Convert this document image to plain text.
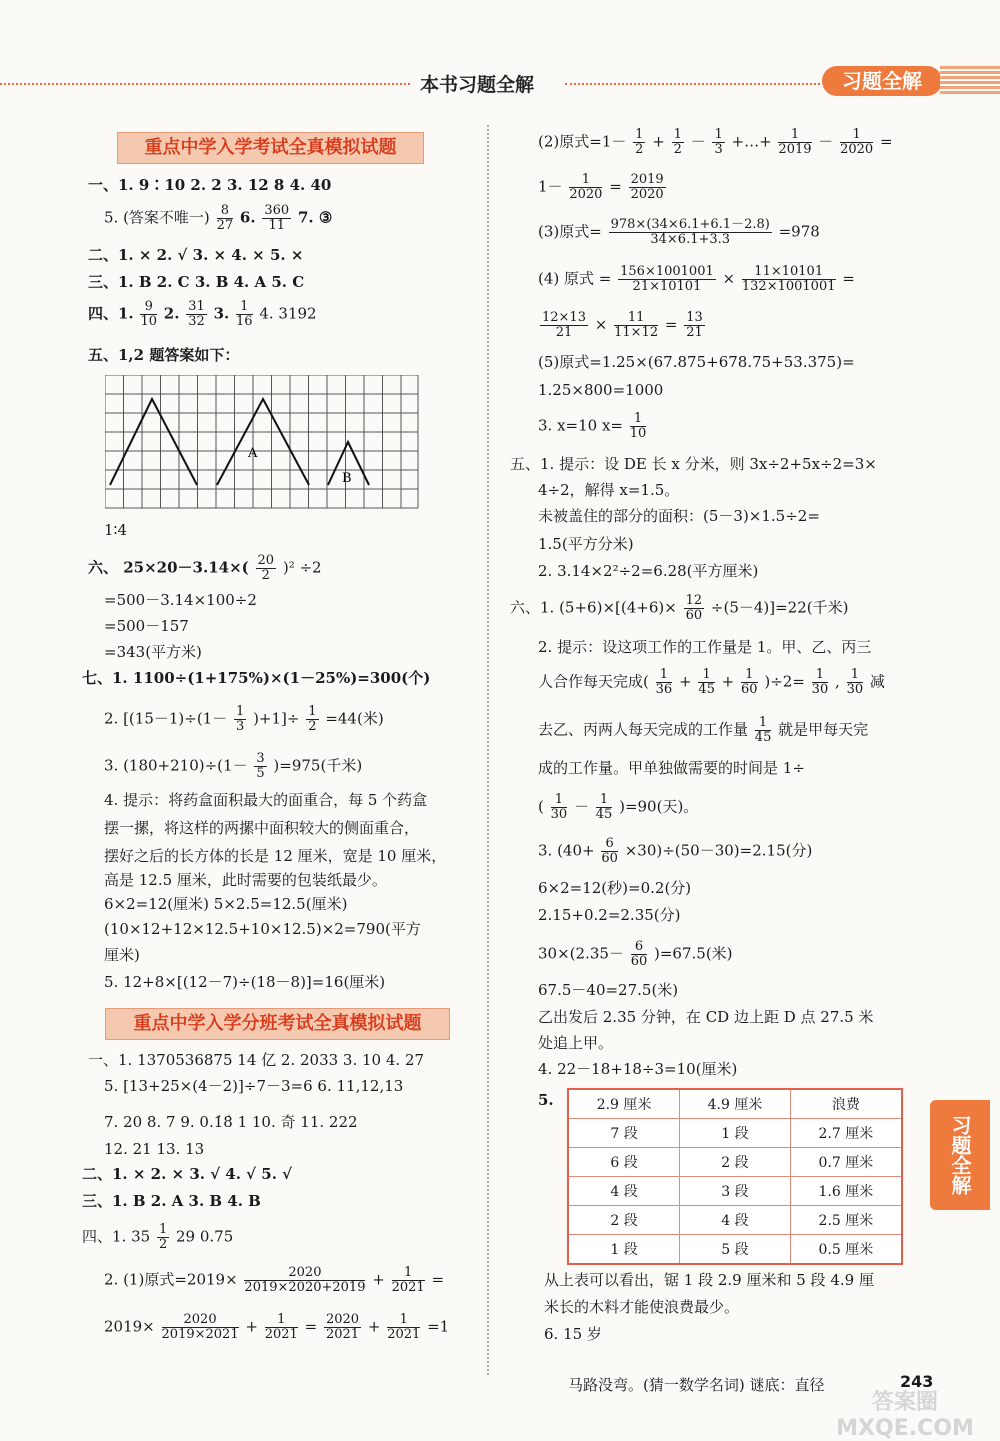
本书习题全解	习题全解
重点中学入学考试全真模拟试题
一、1. 9∶10 2. 2 3. 12 8 4. 40
5. (答案不唯一) $\frac{8}{27} 6$. $\frac{360}{11} 7$. ③
二、1. × 2. √ 3. × 4. × 5. ×
三、1. B 2. C 3. B 4. A 5. C
四、1. $\frac{9}{10} 2$. $\frac{31}{32} 3$. $\frac{1}{16} 4$. 3192
五、1,2 题答案如下：
A
B
1∶4
六、 $25\times 20-3.14\times( \frac{20}{2} )^2 \div 2$
=500－3.14×100÷2
=500－157
=343(平方米)
七、1. 1100÷(1+175%)×(1－25%)=300(个)
2. $[(15-1)\div(1- \frac{1}{3} )+1]\div \frac{1}{2} =44$(米)
3. $(180+210)\div(1- \frac{3}{5} )=975$(千米)
4. 提示：将药盒面积最大的面重合，每 5 个药盒
摆一摞，将这样的两摞中面积较大的侧面重合，
摆好之后的长方体的长是 12 厘米，宽是 10 厘米，
高是 12.5 厘米，此时需要的包装纸最少。
6×2=12(厘米) 5×2.5=12.5(厘米)
(10×12+12×12.5+10×12.5)×2=790(平方
厘米)
5. 12+8×[(12－7)÷(18－8)]=16(厘米)
重点中学入学分班考试全真模拟试题
一、1. 1370536875 14 亿 2. 2033 3. 10 4. 27
5. [13+25×(4－2)]÷7－3=6 6. 11,12,13
7. 20 8. 7 9. 0.1̇8̇ 1 10. 奇 11. 222
12. 21 13. 13
二、1. × 2. × 3. √ 4. √ 5. √
三、1. B 2. A 3. B 4. B
四、1. $35 \frac{1}{2} 29$ 0.75
2. (1)原式$=2019\times \frac{2020}{2019\times 2020+2019} + \frac{1}{2021}$ =
$2019\times \frac{2020}{2019\times 2021} + \frac{1}{2021} = \frac{2020}{2021} + \frac{1}{2021} =1$
(2)原式$=1- \frac{1}{2} + \frac{1}{2} - \frac{1}{3}$ +…+ $\frac{1}{2019} - \frac{1}{2020}$ =
$1- \frac{1}{2020} = \frac{2019}{2020}$
(3)原式= $\frac{978\times(34\times 6.1+6.1-2.8)}{34\times 6.1+3.3} =978$
(4) 原式 = $\frac{156\times 1001001}{21\times 10101} \times \frac{11\times 10101}{132\times 1001001}$ =
$\frac{12\times 13}{21} \times \frac{11}{11\times 12} = \frac{13}{21}$
(5)原式=1.25×(67.875+678.75+53.375)=
1.25×800=1000
3. x=10 $x= \frac{1}{10}$
五、1. 提示：设 DE 长 x 分米，则 3x÷2+5x÷2=3×
4÷2，解得 x=1.5。
未被盖住的部分的面积：(5－3)×1.5÷2=
1.5(平方分米)
2. 3.14×2²÷2=6.28(平方厘米)
六、1. $(5+6)\times[(4+6)\times \frac{12}{60} \div(5-4)]=22$(千米)
2. 提示：设这项工作的工作量是 1。甲、乙、丙三
人合作每天完成( $\frac{1}{36} + \frac{1}{45} + \frac{1}{60} )\div 2= \frac{1}{30}$ , $\frac{1}{30}$ 减
去乙、丙两人每天完成的工作量 $\frac{1}{45}$ 就是甲每天完
成的工作量。甲单独做需要的时间是 1÷
( $\frac{1}{30} - \frac{1}{45} )=90$(天)。
3. $(40+ \frac{6}{60} \times 30)\div(50-30)=2.15$(分)
6×2=12(秒)=0.2(分)
2.15+0.2=2.35(分)
$30\times(2.35- \frac{6}{60} )=67.5$(米)
67.5－40=27.5(米)
乙出发后 2.35 分钟，在 CD 边上距 D 点 27.5 米
处追上甲。
4. 22－18+18÷3=10(厘米)
5.	2.9 厘米	4.9 厘米	浪费
7 段	1 段	2.7 厘米
6 段	2 段	0.7 厘米
4 段	3 段	1.6 厘米
2 段	4 段	2.5 厘米
1 段	5 段	0.5 厘米
从上表可以看出，锯 1 段 2.9 厘米和 5 段 4.9 厘
米长的木料才能使浪费最少。
6. 15 岁
习题全解
马路没弯。(猜一数学名词) 谜底：直径	243
答案圈 MXQE.COM
